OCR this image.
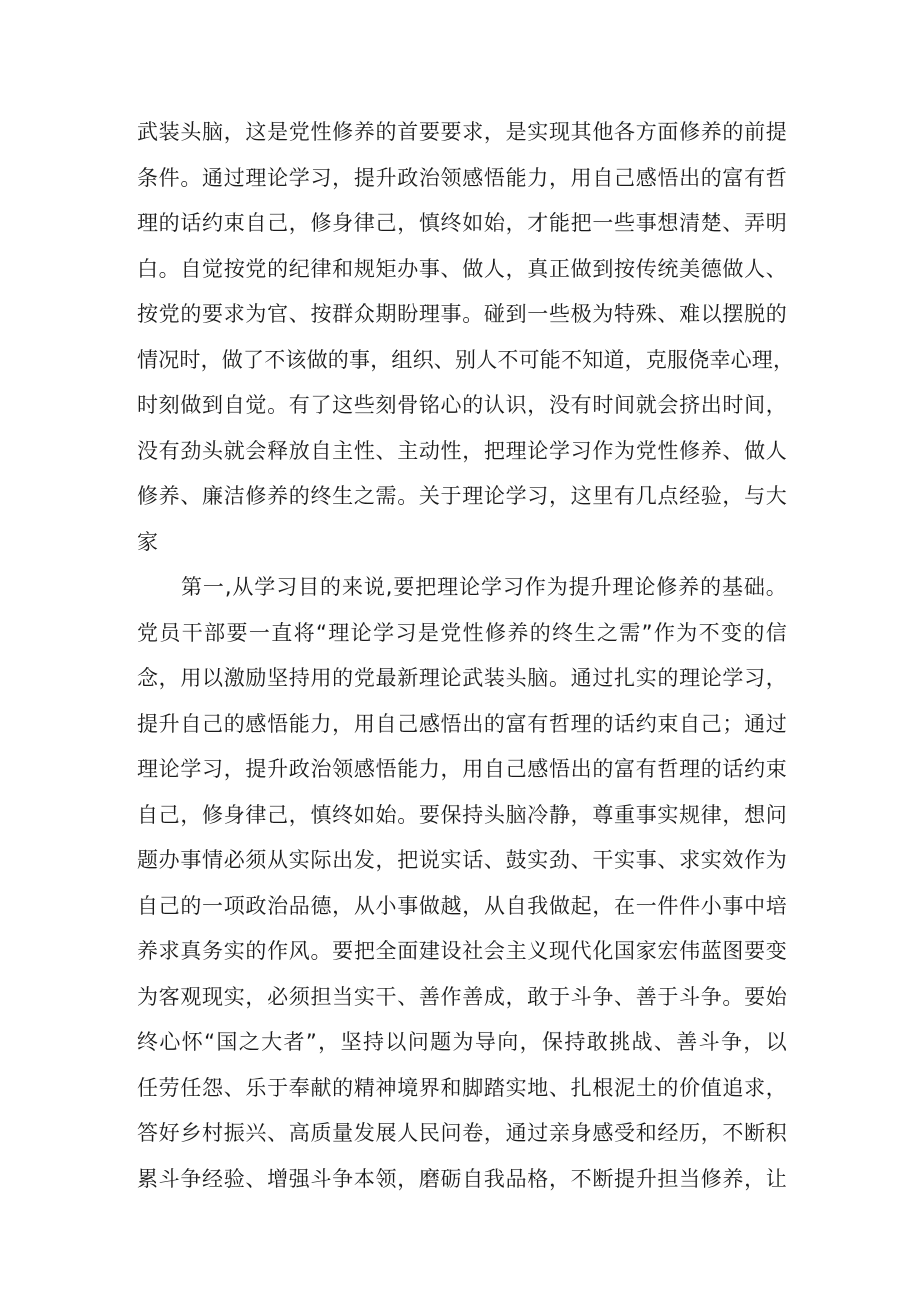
武装头脑，这是党性修养的首要要求，是实现其他各方面修养的前提
条件。通过理论学习，提升政治领感悟能力，用自己感悟出的富有哲
理的话约束自己，修身律己，慎终如始，才能把一些事想清楚、弄明
白。自觉按党的纪律和规矩办事、做人，真正做到按传统美德做人、
按党的要求为官、按群众期盼理事。碰到一些极为特殊、难以摆脱的
情况时，做了不该做的事，组织、别人不可能不知道，克服侥幸心理，
时刻做到自觉。有了这些刻骨铭心的认识，没有时间就会挤出时间，
没有劲头就会释放自主性、主动性，把理论学习作为党性修养、做人
修养、廉洁修养的终生之需。关于理论学习，这里有几点经验，与大
家
第一,从学习目的来说,要把理论学习作为提升理论修养的基础。
党员干部要一直将“理论学习是党性修养的终生之需”作为不变的信
念，用以激励坚持用的党最新理论武装头脑。通过扎实的理论学习，
提升自己的感悟能力，用自己感悟出的富有哲理的话约束自己；通过
理论学习，提升政治领感悟能力，用自己感悟出的富有哲理的话约束
自己，修身律己，慎终如始。要保持头脑冷静，尊重事实规律，想问
题办事情必须从实际出发，把说实话、鼓实劲、干实事、求实效作为
自己的一项政治品德，从小事做越，从自我做起，在一件件小事中培
养求真务实的作风。要把全面建设社会主义现代化国家宏伟蓝图要变
为客观现实，必须担当实干、善作善成，敢于斗争、善于斗争。要始
终心怀“国之大者”，坚持以问题为导向，保持敢挑战、善斗争，以
任劳任怨、乐于奉献的精神境界和脚踏实地、扎根泥土的价值追求，
答好乡村振兴、高质量发展人民问卷，通过亲身感受和经历，不断积
累斗争经验、增强斗争本领，磨砺自我品格，不断提升担当修养，让
